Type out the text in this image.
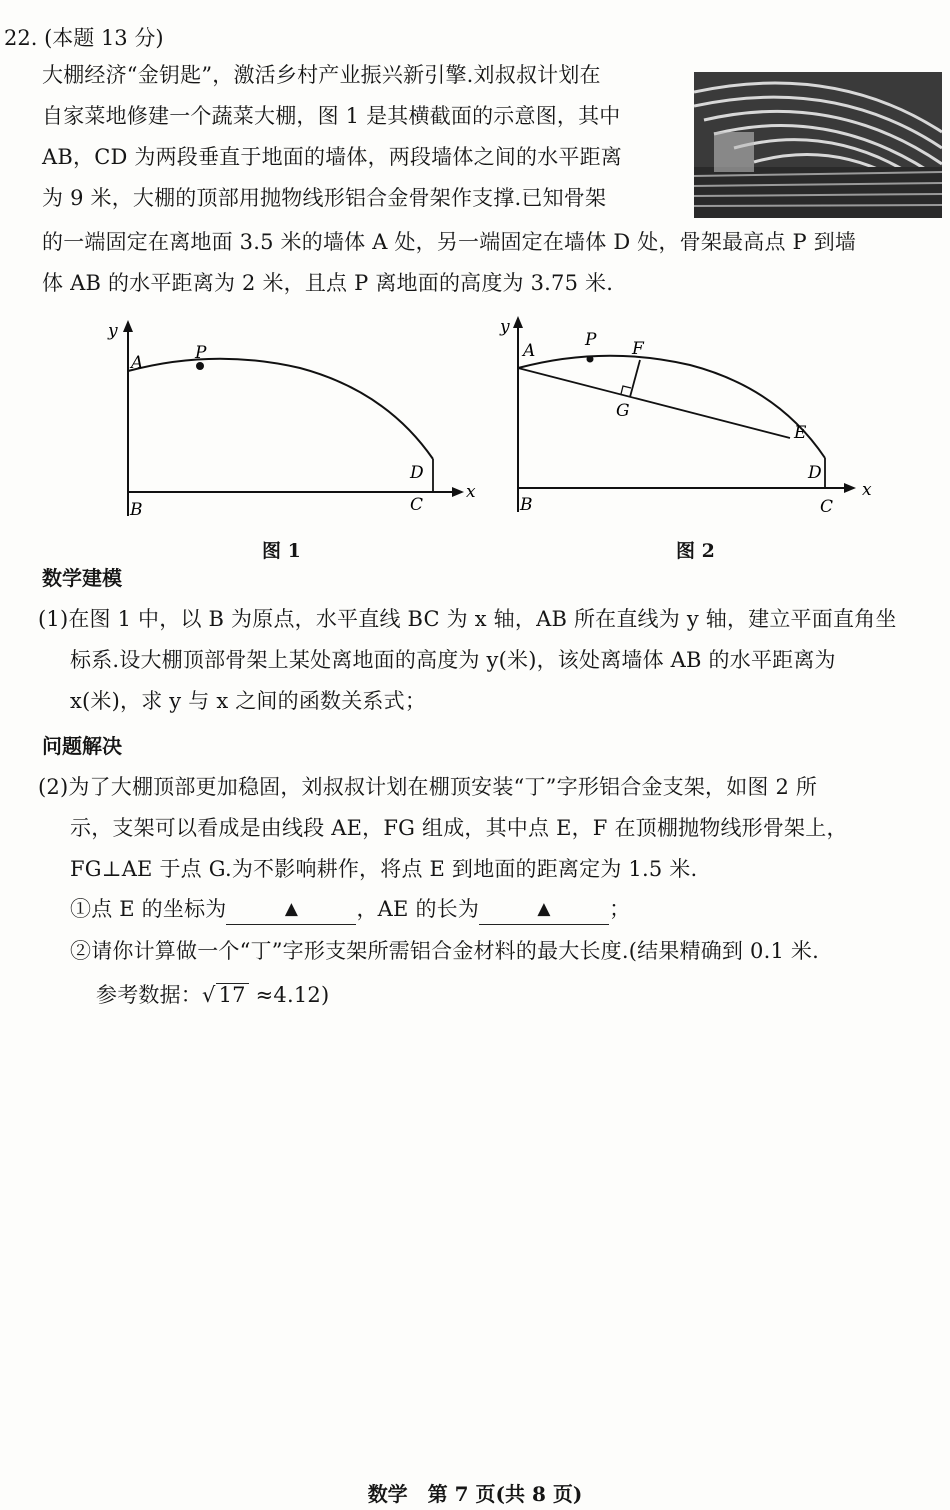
22. (本题 13 分)
大棚经济“金钥匙”，激活乡村产业振兴新引擎.刘叔叔计划在
自家菜地修建一个蔬菜大棚，图 1 是其横截面的示意图，其中
AB，CD 为两段垂直于地面的墙体，两段墙体之间的水平距离
为 9 米，大棚的顶部用抛物线形铝合金骨架作支撑.已知骨架
的一端固定在离地面 3.5 米的墙体 A 处，另一端固定在墙体 D 处，骨架最高点 P 到墙
体 AB 的水平距离为 2 米，且点 P 离地面的高度为 3.75 米.
y
A	P
B	C
D
x
图 1
y
A
P F
G
E
D
B	C
x
图 2
数学建模
(1)在图 1 中，以 B 为原点，水平直线 BC 为 x 轴，AB 所在直线为 y 轴，建立平面直角坐
标系.设大棚顶部骨架上某处离地面的高度为 y(米)，该处离墙体 AB 的水平距离为
x(米)，求 y 与 x 之间的函数关系式；
问题解决
(2)为了大棚顶部更加稳固，刘叔叔计划在棚顶安装“丁”字形铝合金支架，如图 2 所
示，支架可以看成是由线段 AE，FG 组成，其中点 E，F 在顶棚抛物线形骨架上，
FG⊥AE 于点 G.为不影响耕作，将点 E 到地面的距离定为 1.5 米.
①点 E 的坐标为	▲	，AE 的长为	▲	；
②请你计算做一个“丁”字形支架所需铝合金材料的最大长度.(结果精确到 0.1 米.
参考数据：√ 17 ≈4.12)
数学　第 7 页(共 8 页)
